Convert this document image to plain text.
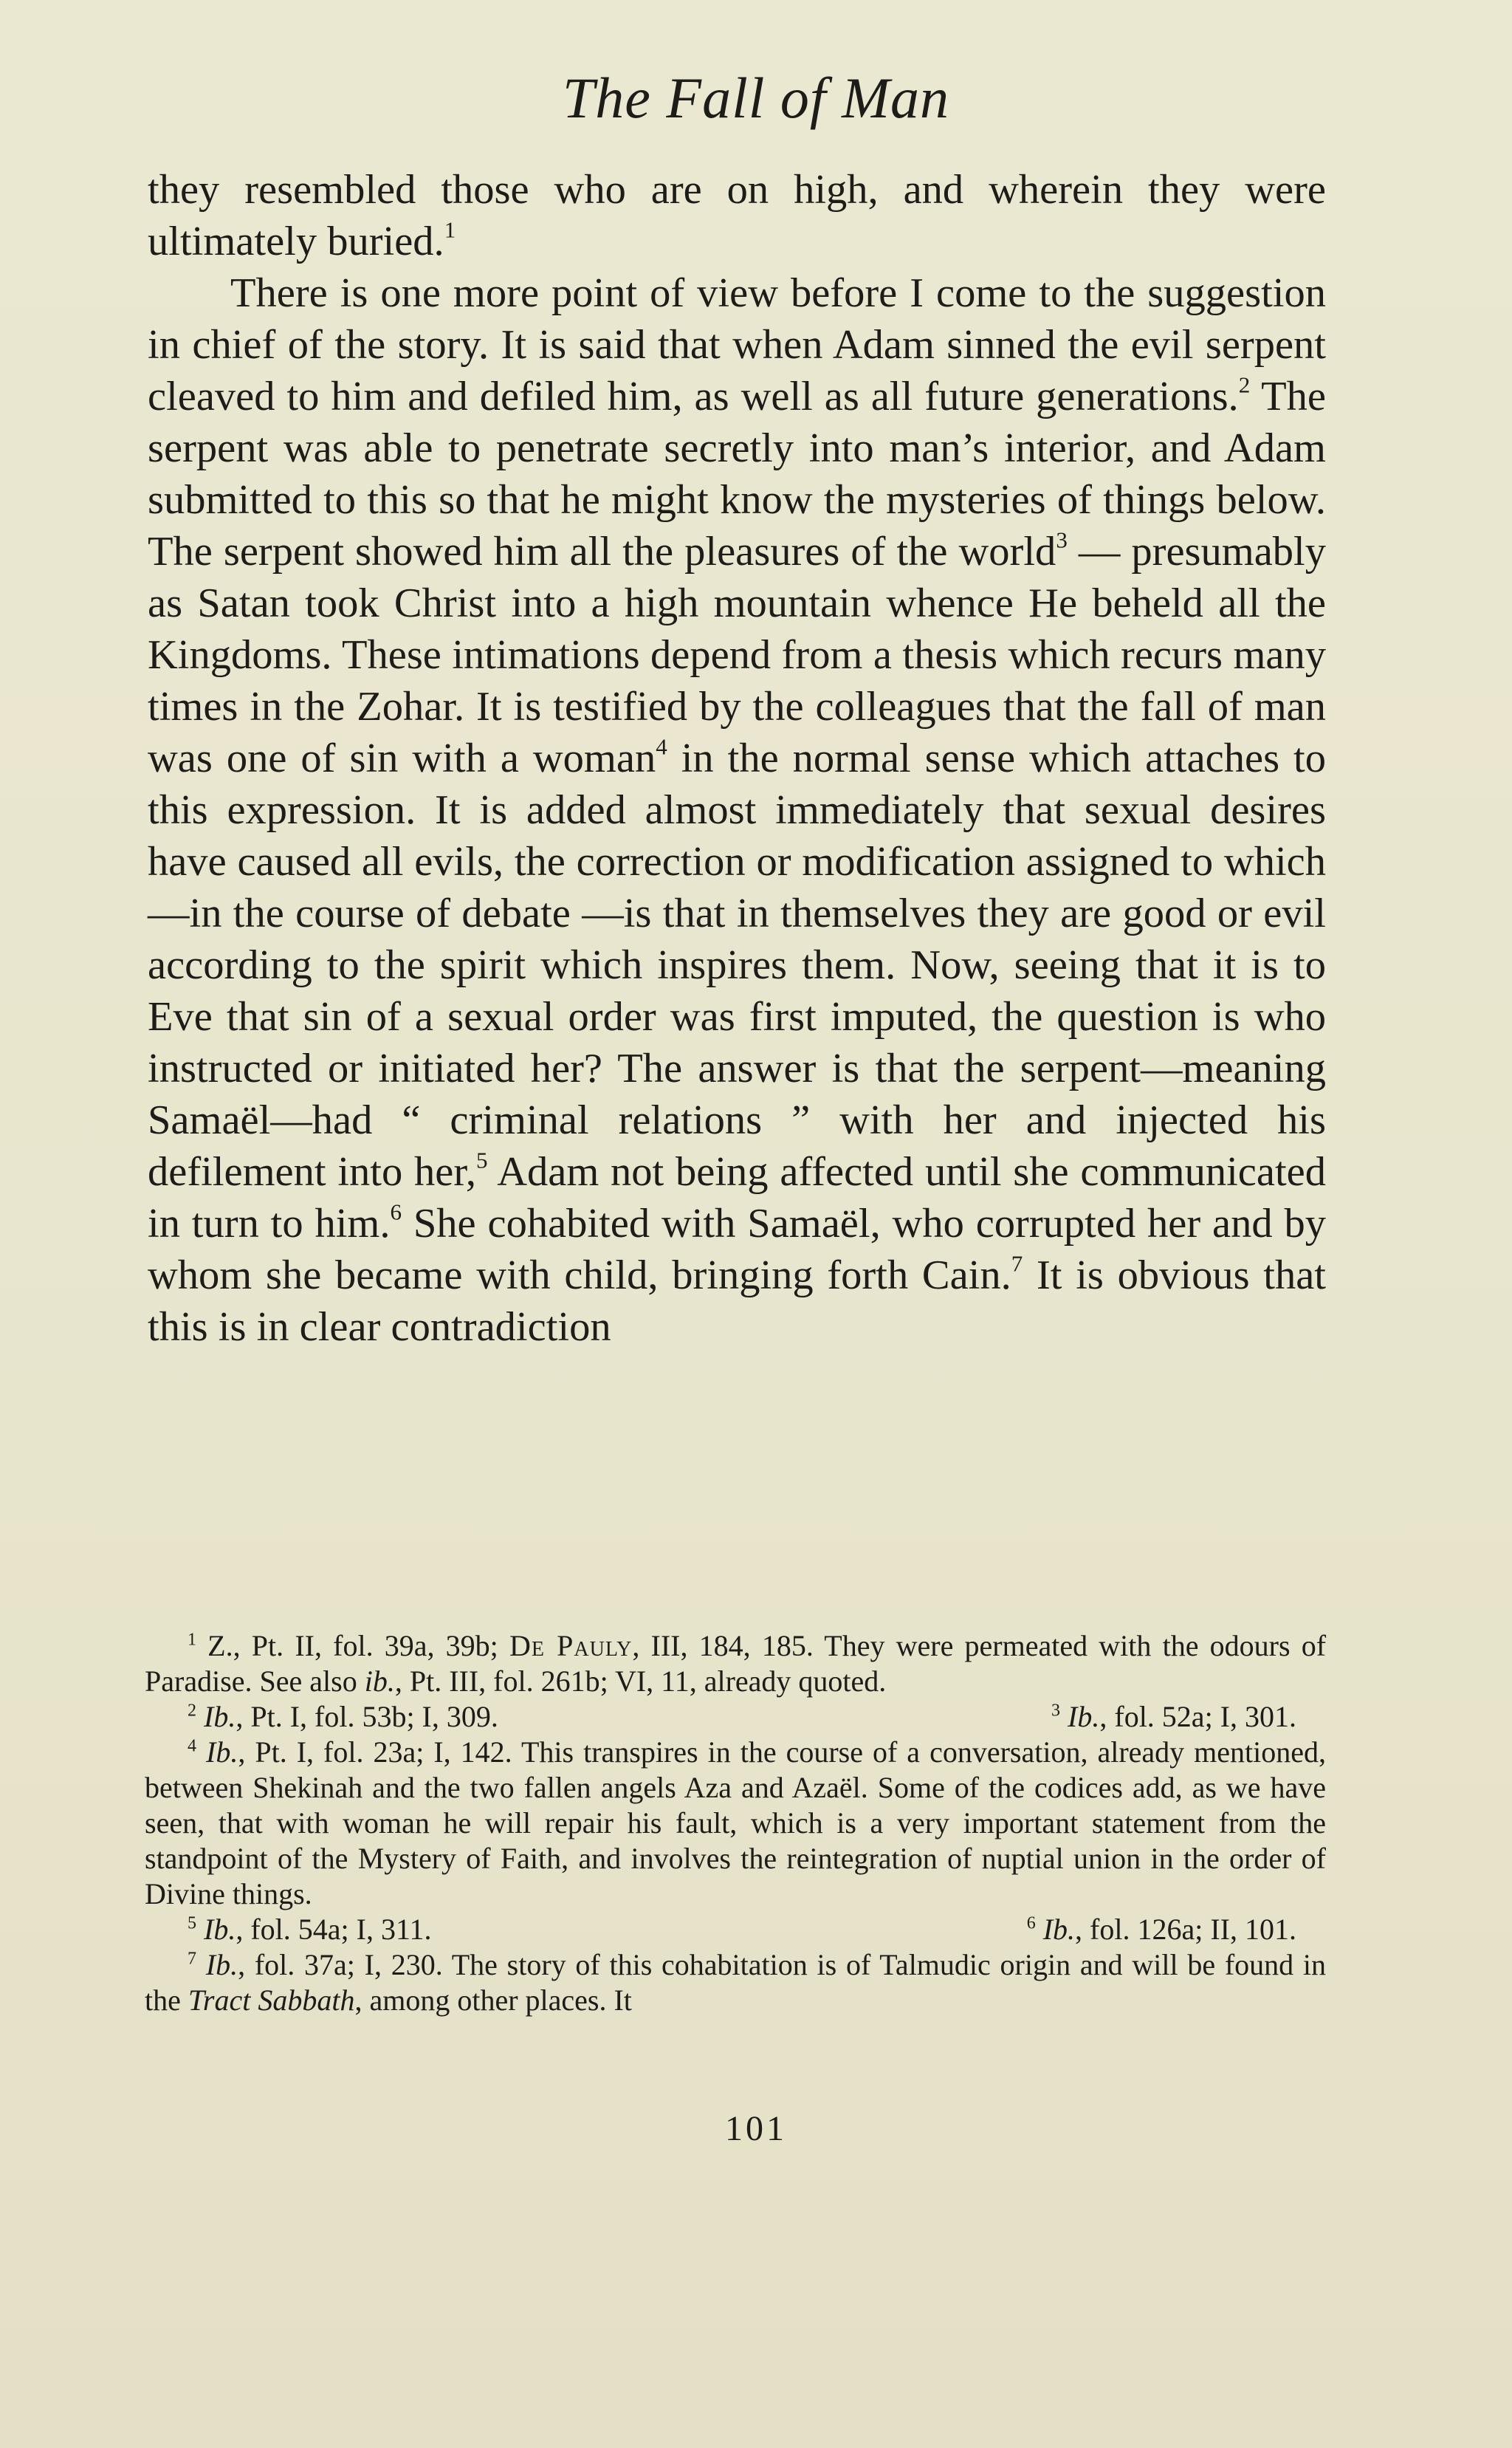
The Fall of Man

they resembled those who are on high, and wherein they were ultimately buried.$^1$

There is one more point of view before I come to the suggestion in chief of the story. It is said that when Adam sinned the evil serpent cleaved to him and defiled him, as well as all future generations.$^2$ The serpent was able to penetrate secretly into man’s interior, and Adam submitted to this so that he might know the mysteries of things below. The serpent showed him all the pleasures of the world$^3$ — presumably as Satan took Christ into a high mountain whence He beheld all the Kingdoms. These intimations depend from a thesis which recurs many times in the Zohar. It is testified by the colleagues that the fall of man was one of sin with a woman$^4$ in the normal sense which attaches to this expression. It is added almost immediately that sexual desires have caused all evils, the correction or modification assigned to which—in the course of debate —is that in themselves they are good or evil according to the spirit which inspires them. Now, seeing that it is to Eve that sin of a sexual order was first imputed, the question is who instructed or initiated her? The answer is that the serpent—meaning Samaël—had “ criminal relations ” with her and injected his defilement into her,$^5$ Adam not being affected until she communicated in turn to him.$^6$ She cohabited with Samaël, who corrupted her and by whom she became with child, bringing forth Cain.$^7$ It is obvious that this is in clear contradiction

$^1$ Z., Pt. II, fol. 39a, 39b; De Pauly, III, 184, 185. They were permeated with the odours of Paradise. See also ib., Pt. III, fol. 261b; VI, 11, already quoted.

$^2$ Ib., Pt. I, fol. 53b; I, 309.	$^3$ Ib., fol. 52a; I, 301.

$^4$ Ib., Pt. I, fol. 23a; I, 142. This transpires in the course of a conversation, already mentioned, between Shekinah and the two fallen angels Aza and Azaël. Some of the codices add, as we have seen, that with woman he will repair his fault, which is a very important statement from the standpoint of the Mystery of Faith, and involves the reintegration of nuptial union in the order of Divine things.

$^5$ Ib., fol. 54a; I, 311.	$^6$ Ib., fol. 126a; II, 101.

$^7$ Ib., fol. 37a; I, 230. The story of this cohabitation is of Talmudic origin and will be found in the Tract Sabbath, among other places. It

101
